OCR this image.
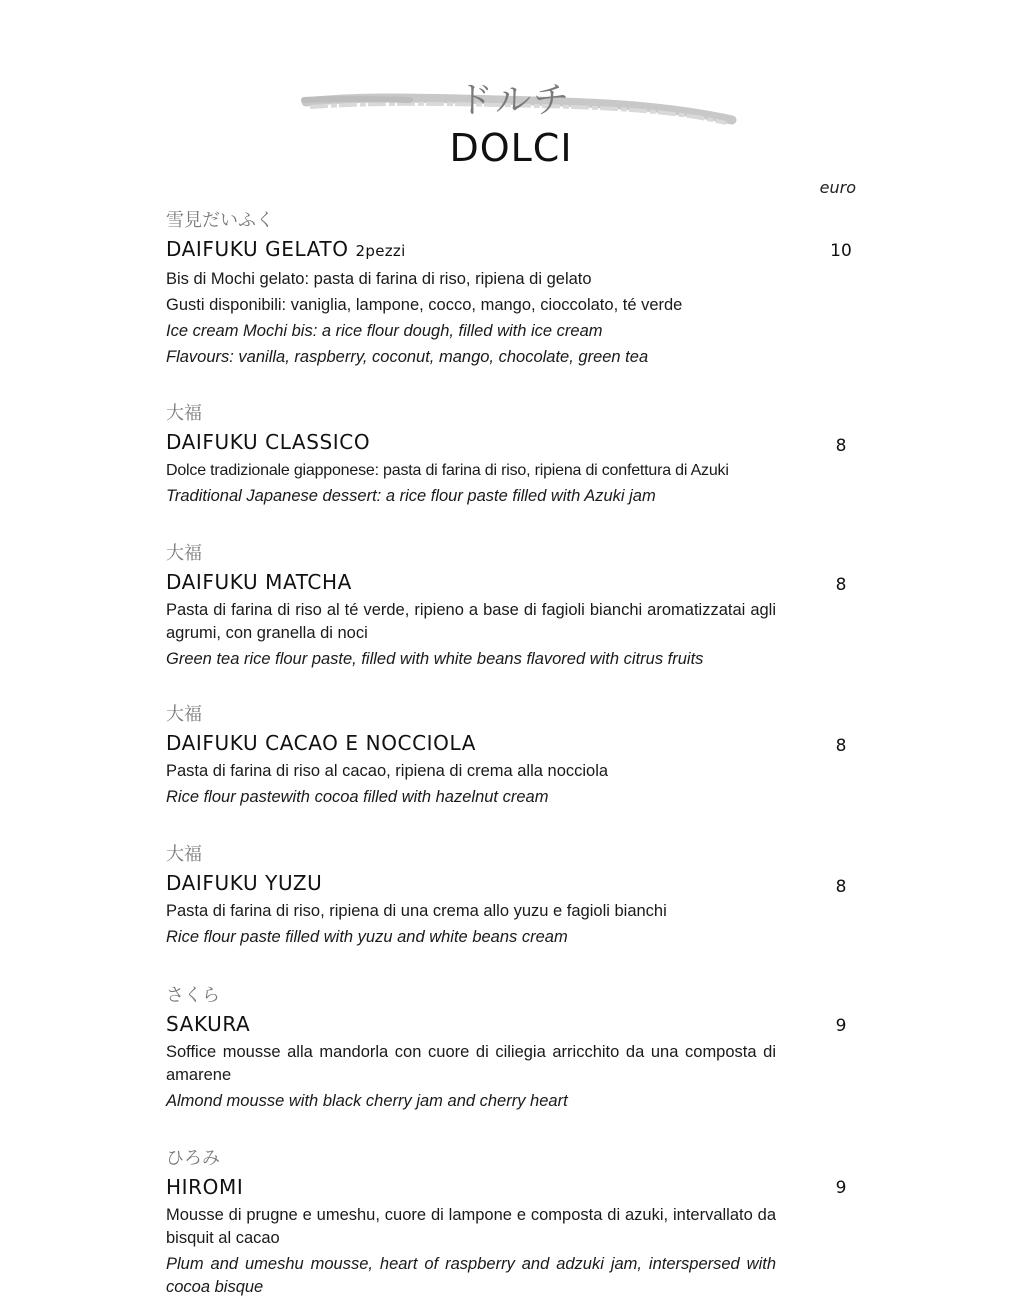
ドルチ
DOLCI
euro
雪見だいふく
DAIFUKU GELATO 2pezzi
Bis di Mochi gelato: pasta di farina di riso, ripiena di gelato
Gusti disponibili: vaniglia, lampone, cocco, mango, cioccolato, té verde
Ice cream Mochi bis: a rice flour dough, filled with ice cream
Flavours: vanilla, raspberry, coconut, mango, chocolate, green tea
10
大福
DAIFUKU CLASSICO
Dolce tradizionale giapponese: pasta di farina di riso, ripiena di confettura di Azuki
Traditional Japanese dessert: a rice flour paste filled with Azuki jam
8
大福
DAIFUKU MATCHA
Pasta di farina di riso al té verde, ripieno a base di fagioli bianchi aromatizzatai agli agrumi, con granella di noci
Green tea rice flour paste, filled with white beans flavored with citrus fruits
8
大福
DAIFUKU CACAO E NOCCIOLA
Pasta di farina di riso al cacao, ripiena di crema alla nocciola
Rice flour pastewith cocoa filled with hazelnut cream
8
大福
DAIFUKU YUZU
Pasta di farina di riso, ripiena di una crema allo yuzu e fagioli bianchi
Rice flour paste filled with yuzu and white beans cream
8
さくら
SAKURA
Soffice mousse alla mandorla con cuore di ciliegia arricchito da una composta di amarene
Almond mousse with black cherry jam and cherry heart
9
ひろみ
HIROMI
Mousse di prugne e umeshu, cuore di lampone e composta di azuki, intervallato da bisquit al cacao
Plum and umeshu mousse, heart of raspberry and adzuki jam, interspersed with cocoa bisque
9
